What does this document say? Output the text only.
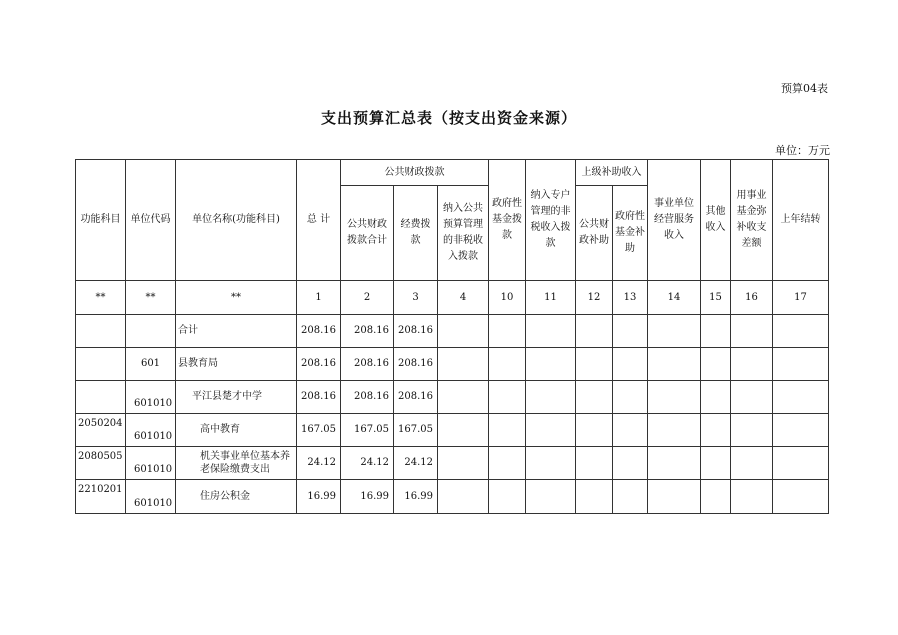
预算04表
支出预算汇总表（按支出资金来源）
单位：万元
功能科目	单位代码	单位名称(功能科目)	总 计	公共财政拨款			政府性基金拨款	纳入专户管理的非税收入拨款	上级补助收入		事业单位经营服务收入	其他收入	用事业基金弥补收支差额	上年结转
				公共财政拨款合计	经费拨款	纳入公共预算管理的非税收入拨款			公共财政补助	政府性基金补助				
**	**	**	1	2	3	4	10	11	12	13	14	15	16	17
		合计	208.16	208.16	208.16									
	601	县教育局	208.16	208.16	208.16									
	601010	平江县楚才中学	208.16	208.16	208.16									
2050204	601010	高中教育	167.05	167.05	167.05									
2080505	601010	机关事业单位基本养老保险缴费支出	24.12	24.12	24.12									
2210201	601010	住房公积金	16.99	16.99	16.99									
